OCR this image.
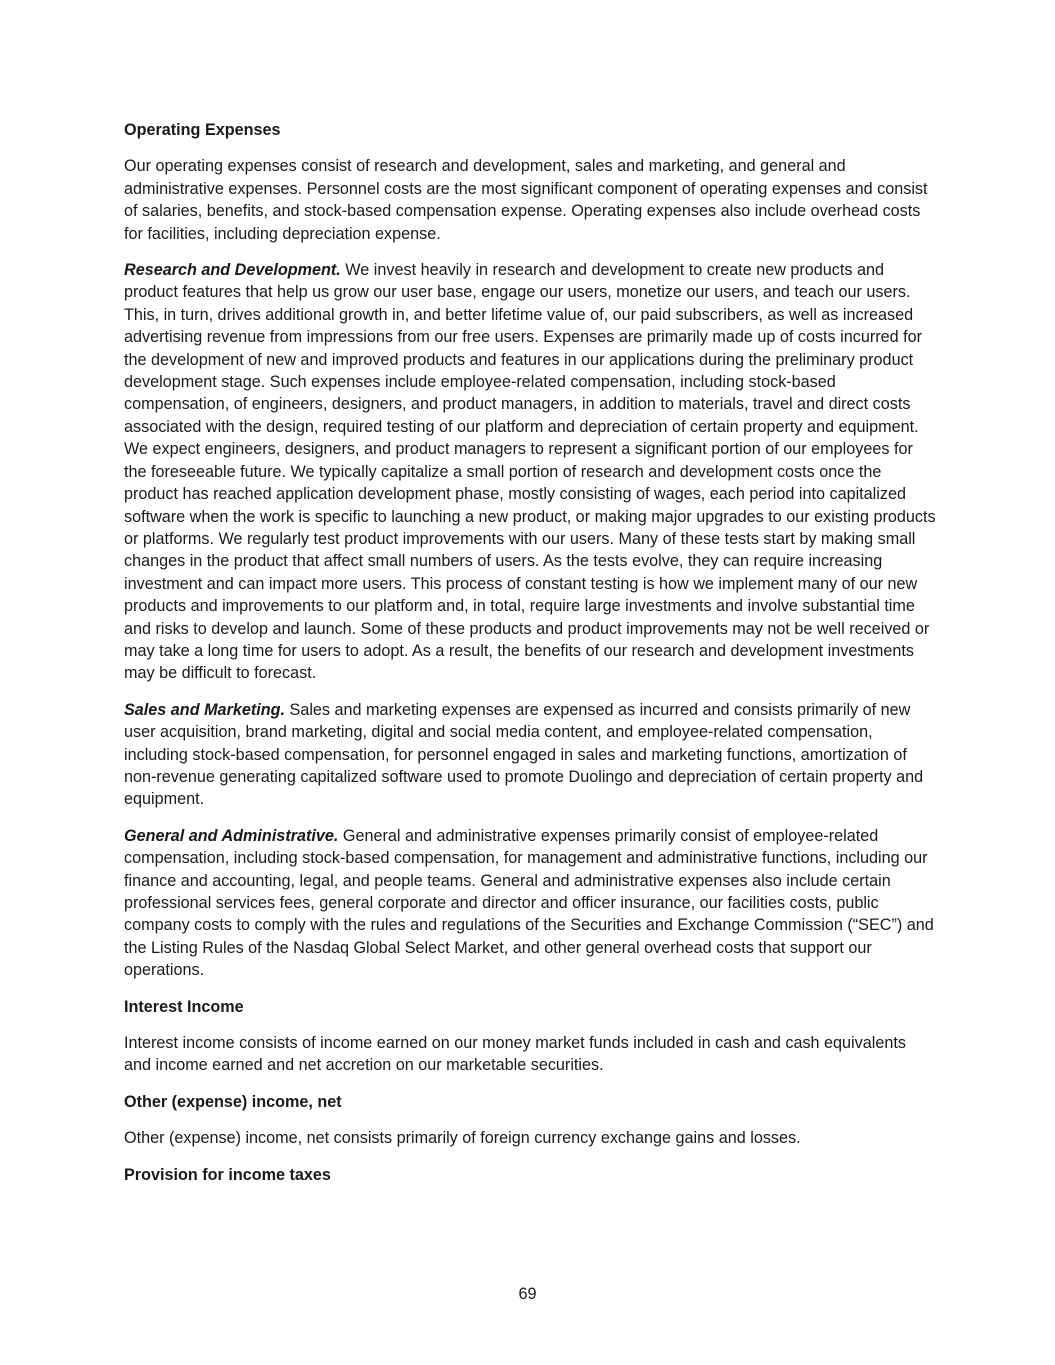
Operating Expenses

Our operating expenses consist of research and development, sales and marketing, and general and administrative expenses. Personnel costs are the most significant component of operating expenses and consist of salaries, benefits, and stock-based compensation expense. Operating expenses also include overhead costs for facilities, including depreciation expense.

Research and Development. We invest heavily in research and development to create new products and product features that help us grow our user base, engage our users, monetize our users, and teach our users. This, in turn, drives additional growth in, and better lifetime value of, our paid subscribers, as well as increased advertising revenue from impressions from our free users. Expenses are primarily made up of costs incurred for the development of new and improved products and features in our applications during the preliminary product development stage. Such expenses include employee-related compensation, including stock-based compensation, of engineers, designers, and product managers, in addition to materials, travel and direct costs associated with the design, required testing of our platform and depreciation of certain property and equipment. We expect engineers, designers, and product managers to represent a significant portion of our employees for the foreseeable future. We typically capitalize a small portion of research and development costs once the product has reached application development phase, mostly consisting of wages, each period into capitalized software when the work is specific to launching a new product, or making major upgrades to our existing products or platforms. We regularly test product improvements with our users. Many of these tests start by making small changes in the product that affect small numbers of users. As the tests evolve, they can require increasing investment and can impact more users. This process of constant testing is how we implement many of our new products and improvements to our platform and, in total, require large investments and involve substantial time and risks to develop and launch. Some of these products and product improvements may not be well received or may take a long time for users to adopt. As a result, the benefits of our research and development investments may be difficult to forecast.

Sales and Marketing. Sales and marketing expenses are expensed as incurred and consists primarily of new user acquisition, brand marketing, digital and social media content, and employee-related compensation, including stock-based compensation, for personnel engaged in sales and marketing functions, amortization of non-revenue generating capitalized software used to promote Duolingo and depreciation of certain property and equipment.

General and Administrative. General and administrative expenses primarily consist of employee-related compensation, including stock-based compensation, for management and administrative functions, including our finance and accounting, legal, and people teams. General and administrative expenses also include certain professional services fees, general corporate and director and officer insurance, our facilities costs, public company costs to comply with the rules and regulations of the Securities and Exchange Commission (“SEC”) and the Listing Rules of the Nasdaq Global Select Market, and other general overhead costs that support our operations.

Interest Income

Interest income consists of income earned on our money market funds included in cash and cash equivalents and income earned and net accretion on our marketable securities.

Other (expense) income, net

Other (expense) income, net consists primarily of foreign currency exchange gains and losses.

Provision for income taxes

69
